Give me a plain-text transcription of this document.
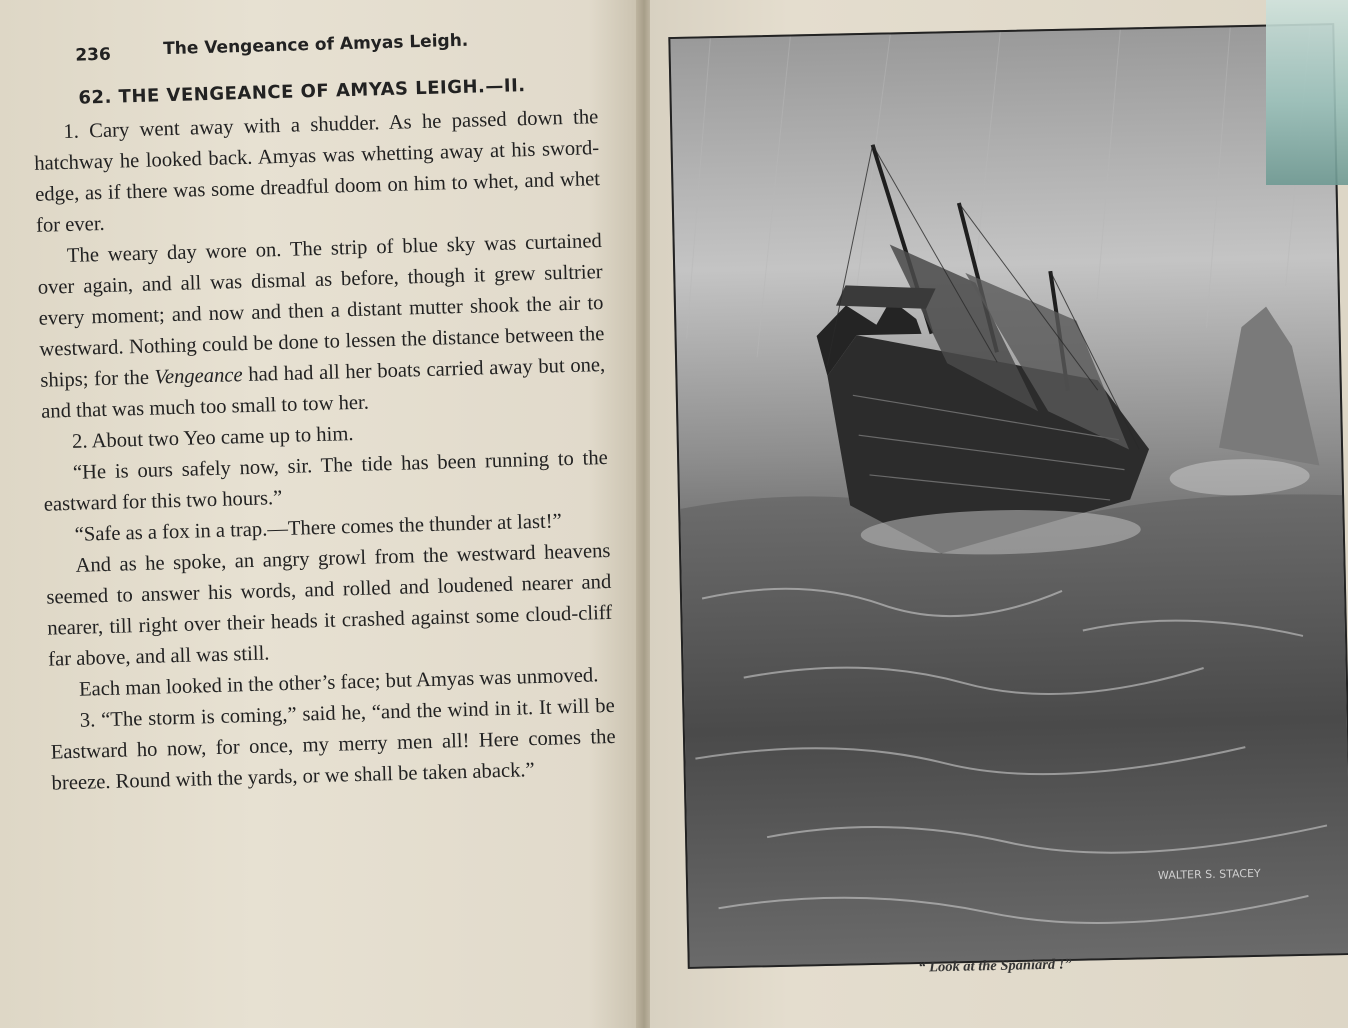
236	The Vengeance of Amyas Leigh.
62. THE VENGEANCE OF AMYAS LEIGH.—II.

1. Cary went away with a shudder. As he passed down the hatchway he looked back. Amyas was whetting away at his sword-edge, as if there was some dreadful doom on him to whet, and whet for ever.

The weary day wore on. The strip of blue sky was curtained over again, and all was dismal as before, though it grew sultrier every moment; and now and then a distant mutter shook the air to westward. Nothing could be done to lessen the distance between the ships; for the Vengeance had had all her boats carried away but one, and that was much too small to tow her.

2. About two Yeo came up to him.

“He is ours safely now, sir. The tide has been running to the eastward for this two hours.”

“Safe as a fox in a trap.—There comes the thunder at last!”

And as he spoke, an angry growl from the westward heavens seemed to answer his words, and rolled and loudened nearer and nearer, till right over their heads it crashed against some cloud-cliff far above, and all was still.

Each man looked in the other’s face; but Amyas was unmoved.

3. “The storm is coming,” said he, “and the wind in it. It will be Eastward ho now, for once, my merry men all! Here comes the breeze. Round with the yards, or we shall be taken aback.”

WALTER S. STACEY
“ Look at the Spaniard !”
